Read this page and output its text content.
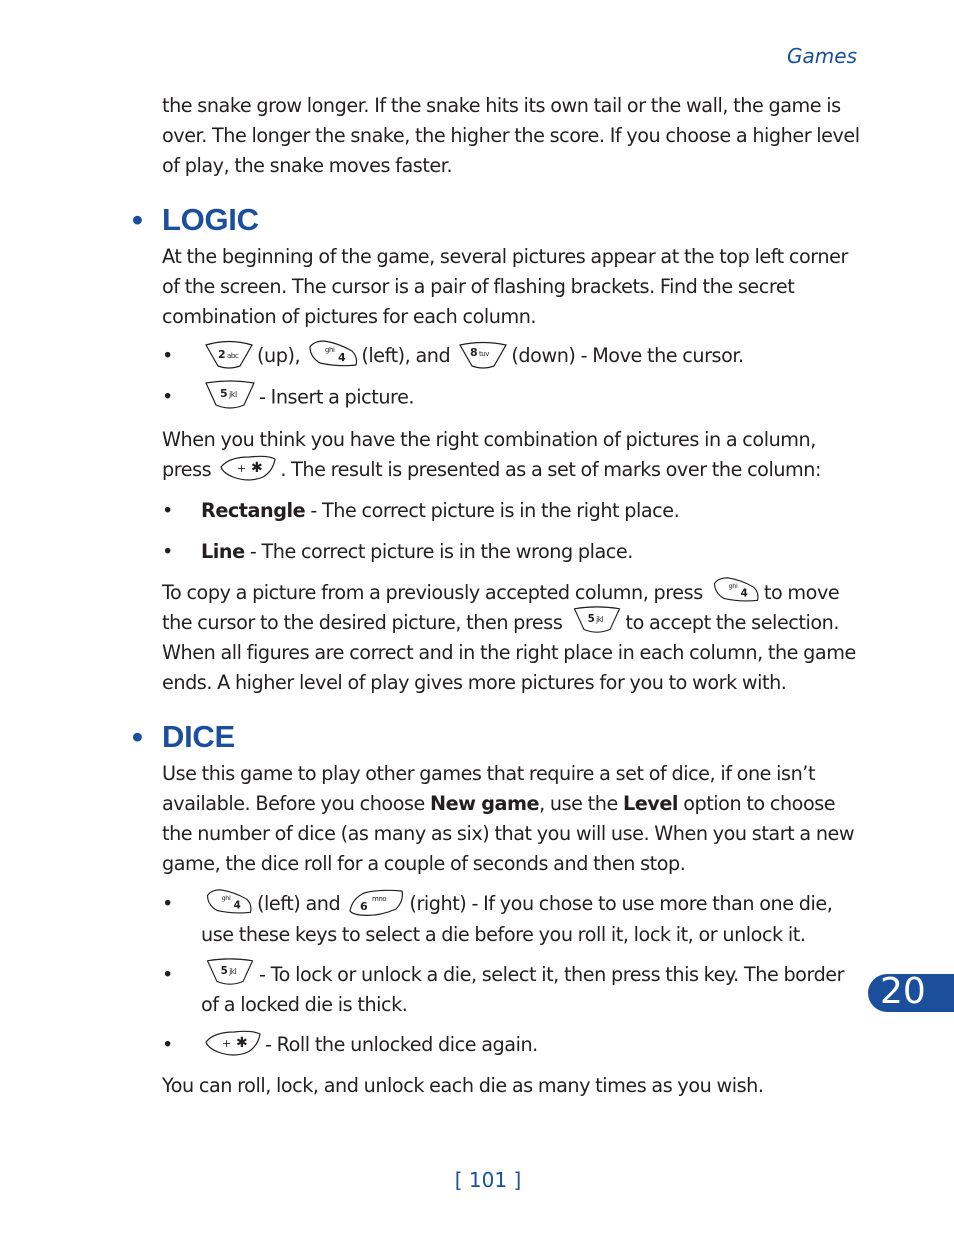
Games

the snake grow longer. If the snake hits its own tail or the wall, the game is over. The longer the snake, the higher the score. If you choose a higher level of play, the snake moves faster.

• LOGIC

At the beginning of the game, several pictures appear at the top left corner of the screen. The cursor is a pair of flashing brackets. Find the secret combination of pictures for each column.

•	2 abc (up),	ghi
4 (left), and 8 tuv (down) - Move the cursor.
•	5 jkl - Insert a picture.

When you think you have the right combination of pictures in a column, press + ✱ . The result is presented as a set of marks over the column:

• Rectangle - The correct picture is in the right place.
• Line - The correct picture is in the wrong place.

To copy a picture from a previously accepted column, press	ghi
4 to move the cursor to the desired picture, then press 5 jkl to accept the selection. When all figures are correct and in the right place in each column, the game ends. A higher level of play gives more pictures for you to work with.

• DICE

Use this game to play other games that require a set of dice, if one isn’t available. Before you choose New game, use the Level option to choose the number of dice (as many as six) that you will use. When you start a new game, the dice roll for a couple of seconds and then stop.

•	ghi
4 (left) and 6
mno (right) - If you chose to use more than one die, use these keys to select a die before you roll it, lock it, or unlock it.
•	5 jkl - To lock or unlock a die, select it, then press this key. The border of a locked die is thick.
•	+ ✱ - Roll the unlocked dice again.

You can roll, lock, and unlock each die as many times as you wish.

20
[ 101 ]
